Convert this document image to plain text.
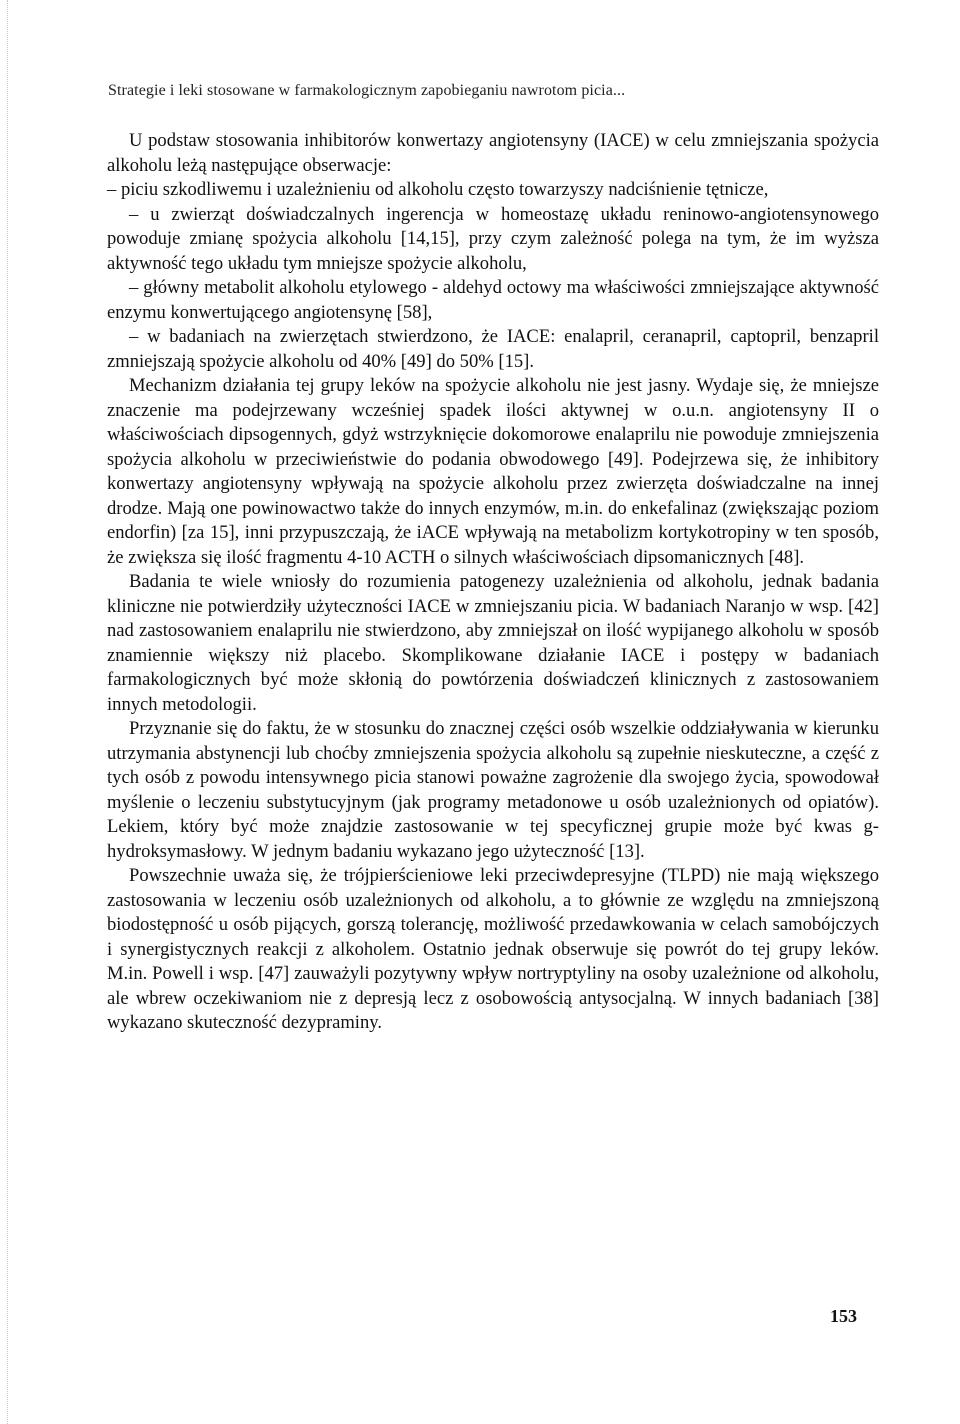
Strategie i leki stosowane w farmakologicznym zapobieganiu nawrotom picia...

U podstaw stosowania inhibitorów konwertazy angiotensyny (IACE) w celu zmniejszania spożycia alkoholu leżą następujące obserwacje:

– piciu szkodliwemu i uzależnieniu od alkoholu często towarzyszy nadciśnienie tętnicze,

– u zwierząt doświadczalnych ingerencja w homeostazę układu reninowo-angiotensynowego powoduje zmianę spożycia alkoholu [14,15], przy czym zależność polega na tym, że im wyższa aktywność tego układu tym mniejsze spożycie alkoholu,

– główny metabolit alkoholu etylowego - aldehyd octowy ma właściwości zmniejszające aktywność enzymu konwertującego angiotensynę [58],

– w badaniach na zwierzętach stwierdzono, że IACE: enalapril, ceranapril, captopril, benzapril zmniejszają spożycie alkoholu od 40% [49] do 50% [15].

Mechanizm działania tej grupy leków na spożycie alkoholu nie jest jasny. Wydaje się, że mniejsze znaczenie ma podejrzewany wcześniej spadek ilości aktywnej w o.u.n. angiotensyny II o właściwościach dipsogennych, gdyż wstrzyknięcie dokomorowe enalaprilu nie powoduje zmniejszenia spożycia alkoholu w przeciwieństwie do podania obwodowego [49]. Podejrzewa się, że inhibitory konwertazy angiotensyny wpływają na spożycie alkoholu przez zwierzęta doświadczalne na innej drodze. Mają one powinowactwo także do innych enzymów, m.in. do enkefalinaz (zwiększając poziom endorfin) [za 15], inni przypuszczają, że iACE wpływają na metabolizm kortykotropiny w ten sposób, że zwiększa się ilość fragmentu 4-10 ACTH o silnych właściwościach dipsomanicznych [48].

Badania te wiele wniosły do rozumienia patogenezy uzależnienia od alkoholu, jednak badania kliniczne nie potwierdziły użyteczności IACE w zmniejszaniu picia. W badaniach Naranjo w wsp. [42] nad zastosowaniem enalaprilu nie stwierdzono, aby zmniejszał on ilość wypijanego alkoholu w sposób znamiennie większy niż placebo. Skomplikowane działanie IACE i postępy w badaniach farmakologicznych być może skłonią do powtórzenia doświadczeń klinicznych z zastosowaniem innych metodologii.

Przyznanie się do faktu, że w stosunku do znacznej części osób wszelkie oddziaływania w kierunku utrzymania abstynencji lub choćby zmniejszenia spożycia alkoholu są zupełnie nieskuteczne, a część z tych osób z powodu intensywnego picia stanowi poważne zagrożenie dla swojego życia, spowodował myślenie o leczeniu substytucyjnym (jak programy metadonowe u osób uzależnionych od opiatów). Lekiem, który być może znajdzie zastosowanie w tej specyficznej grupie może być kwas g-hydroksymasłowy. W jednym badaniu wykazano jego użyteczność [13].

Powszechnie uważa się, że trójpierścieniowe leki przeciwdepresyjne (TLPD) nie mają większego zastosowania w leczeniu osób uzależnionych od alkoholu, a to głównie ze względu na zmniejszoną biodostępność u osób pijących, gorszą tolerancję, możliwość przedawkowania w celach samobójczych i synergistycznych reakcji z alkoholem. Ostatnio jednak obserwuje się powrót do tej grupy leków. M.in. Powell i wsp. [47] zauważyli pozytywny wpływ nortryptyliny na osoby uzależnione od alkoholu, ale wbrew oczekiwaniom nie z depresją lecz z osobowością antysocjalną. W innych badaniach [38] wykazano skuteczność dezypraminy.

153
